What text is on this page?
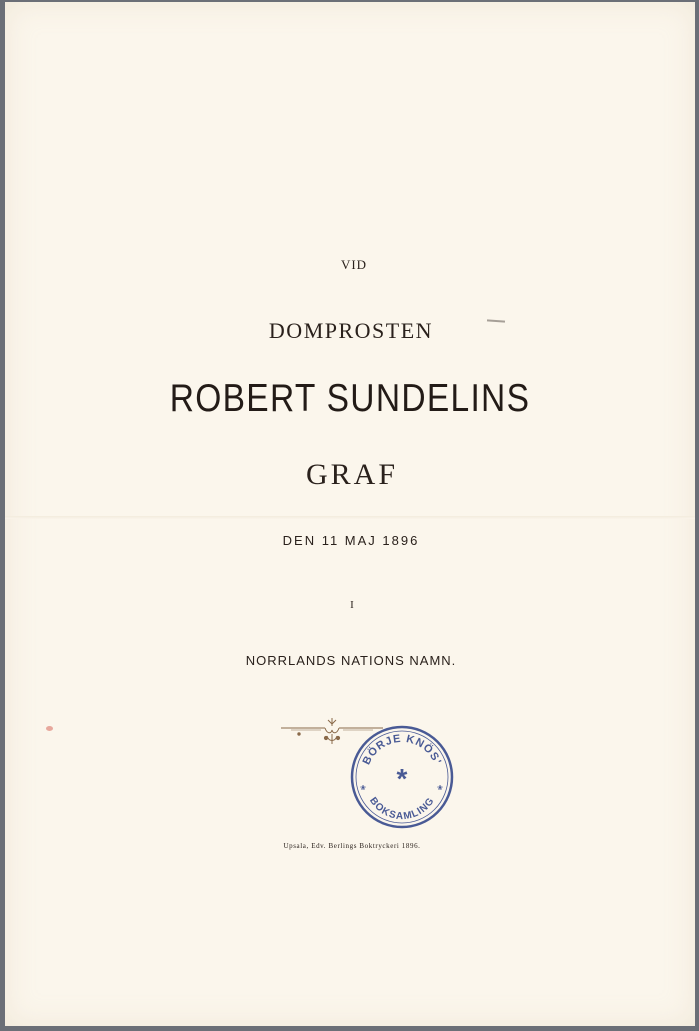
VID
DOMPROSTEN
ROBERT SUNDELINS
GRAF
DEN 11 MAJ 1896
I
NORRLANDS NATIONS NAMN.
BÖRJE KNÖS'
BOKSAMLING
*
❀	❀
Upsala, Edv. Berlings Boktryckeri 1896.
